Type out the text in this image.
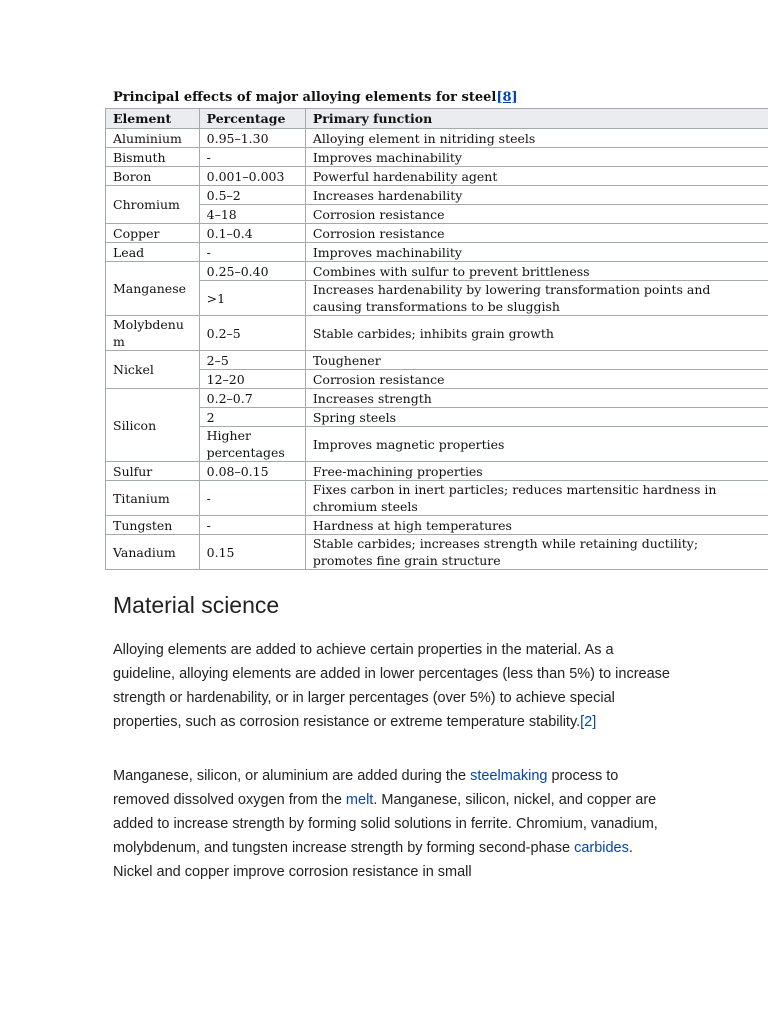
Principal effects of major alloying elements for steel[8]
Element	Percentage	Primary function
Aluminium	0.95–1.30	Alloying element in nitriding steels
Bismuth	-	Improves machinability
Boron	0.001–0.003	Powerful hardenability agent
Chromium	0.5–2	Increases hardenability
	4–18	Corrosion resistance
Copper	0.1–0.4	Corrosion resistance
Lead	-	Improves machinability
Manganese	0.25–0.40	Combines with sulfur to prevent brittleness
	>1	Increases hardenability by lowering transformation points and causing transformations to be sluggish
Molybdenum	0.2–5	Stable carbides; inhibits grain growth
Nickel	2–5	Toughener
	12–20	Corrosion resistance
Silicon	0.2–0.7	Increases strength
	2	Spring steels
	Higher percentages	Improves magnetic properties
Sulfur	0.08–0.15	Free-machining properties
Titanium	-	Fixes carbon in inert particles; reduces martensitic hardness in chromium steels
Tungsten	-	Hardness at high temperatures
Vanadium	0.15	Stable carbides; increases strength while retaining ductility; promotes fine grain structure
Material science

Alloying elements are added to achieve certain properties in the material. As a guideline, alloying elements are added in lower percentages (less than 5%) to increase strength or hardenability, or in larger percentages (over 5%) to achieve special properties, such as corrosion resistance or extreme temperature stability.[2]

Manganese, silicon, or aluminium are added during the steelmaking process to removed dissolved oxygen from the melt. Manganese, silicon, nickel, and copper are added to increase strength by forming solid solutions in ferrite. Chromium, vanadium, molybdenum, and tungsten increase strength by forming second-phase carbides. Nickel and copper improve corrosion resistance in small
